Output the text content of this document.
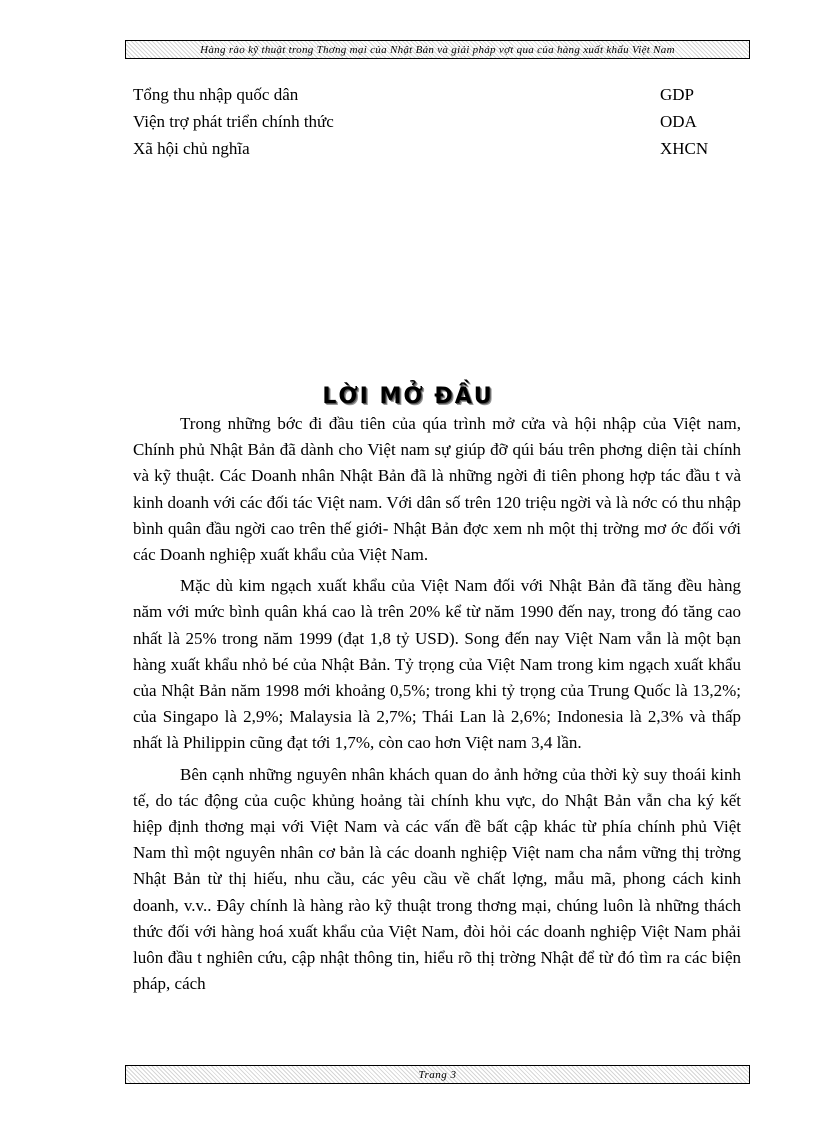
Hàng rào kỹ thuật trong Thơng mại của Nhật Bản và giải pháp vợt qua của hàng xuất khẩu Việt Nam
Tổng thu nhập quốc dân	GDP
Viện trợ phát triển chính thức	ODA
Xã hội chủ nghĩa	XHCN
LỜI MỞ ĐẦU

Trong những bớc đi đầu tiên của qúa trình mở cửa và hội nhập của Việt nam, Chính phủ Nhật Bản đã dành cho Việt nam sự giúp đỡ qúi báu trên phơng diện tài chính và kỹ thuật. Các Doanh nhân Nhật Bản đã là những ngời đi tiên phong hợp tác đầu t và kinh doanh với các đối tác Việt nam. Với dân số trên 120 triệu ngời và là nớc có thu nhập bình quân đầu ngời cao trên thế giới- Nhật Bản đợc xem nh một thị trờng mơ ớc đối với các Doanh nghiệp xuất khẩu của Việt Nam.

Mặc dù kim ngạch xuất khẩu của Việt Nam đối với Nhật Bản đã tăng đều hàng năm với mức bình quân khá cao là trên 20% kể từ năm 1990 đến nay, trong đó tăng cao nhất là 25% trong năm 1999 (đạt 1,8 tỷ USD). Song đến nay Việt Nam vẫn là một bạn hàng xuất khẩu nhỏ bé của Nhật Bản. Tỷ trọng của Việt Nam trong kim ngạch xuất khẩu của Nhật Bản năm 1998 mới khoảng 0,5%; trong khi tỷ trọng của Trung Quốc là 13,2%; của Singapo là 2,9%; Malaysia là 2,7%; Thái Lan là 2,6%; Indonesia là 2,3% và thấp nhất là Philippin cũng đạt tới 1,7%, còn cao hơn Việt nam 3,4 lần.

Bên cạnh những nguyên nhân khách quan do ảnh hởng của thời kỳ suy thoái kinh tế, do tác động của cuộc khủng hoảng tài chính khu vực, do Nhật Bản vẫn cha ký kết hiệp định thơng mại với Việt Nam và các vấn đề bất cập khác từ phía chính phủ Việt Nam thì một nguyên nhân cơ bản là các doanh nghiệp Việt nam cha nắm vững thị trờng Nhật Bản từ thị hiếu, nhu cầu, các yêu cầu về chất lợng, mẫu mã, phong cách kinh doanh, v.v.. Đây chính là hàng rào kỹ thuật trong thơng mại, chúng luôn là những thách thức đối với hàng hoá xuất khẩu của Việt Nam, đòi hỏi các doanh nghiệp Việt Nam phải luôn đầu t nghiên cứu, cập nhật thông tin, hiểu rõ thị trờng Nhật để từ đó tìm ra các biện pháp, cách

Trang 3
